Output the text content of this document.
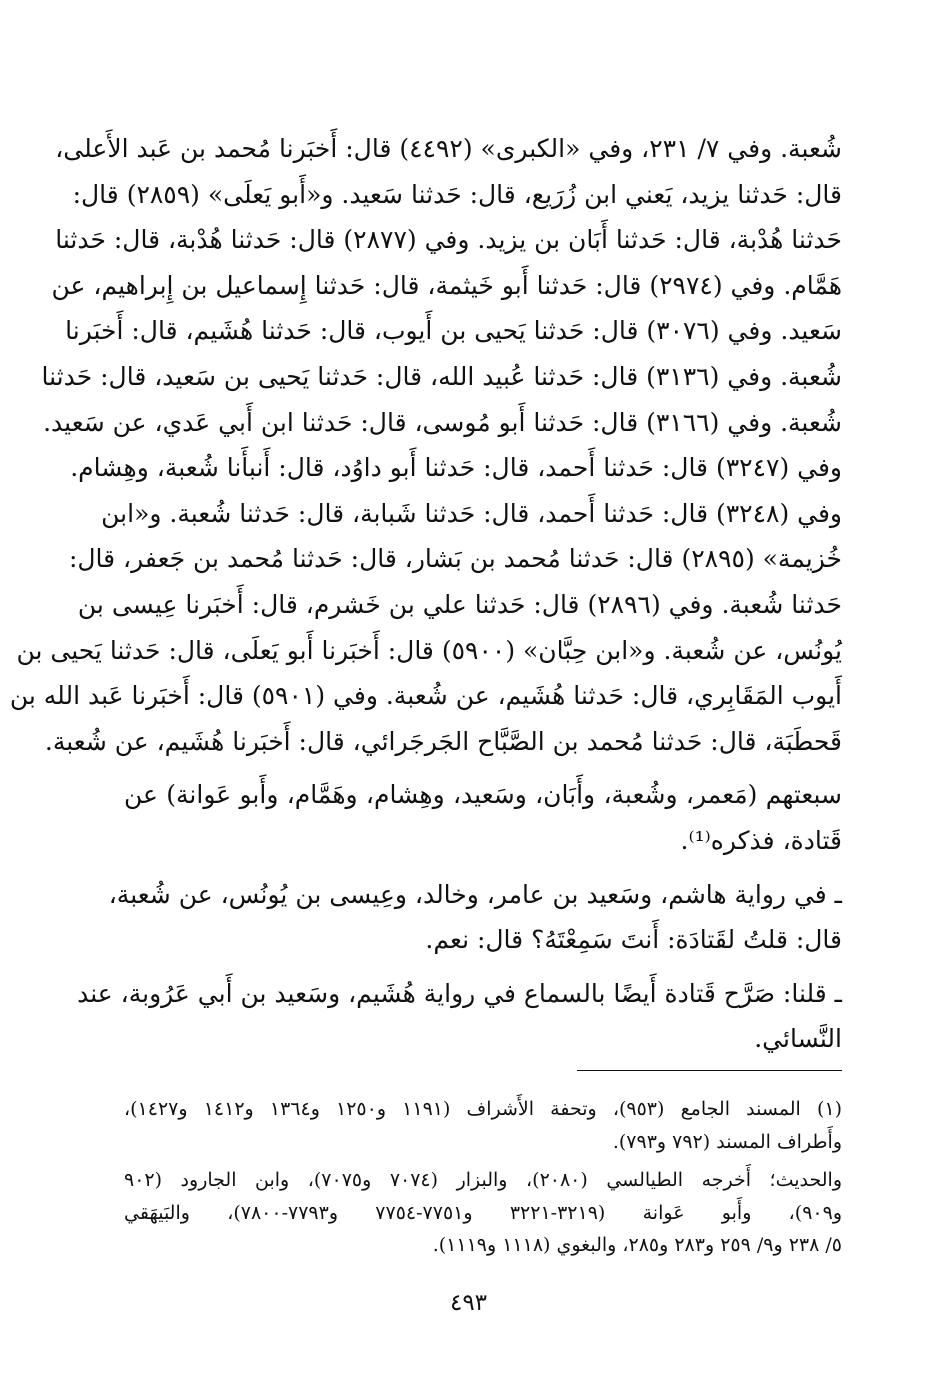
شُعبة. وفي ٧/ ٢٣١، وفي «الكبرى» (٤٤٩٢) قال: أَخبَرنا مُحمد بن عَبد الأَعلى،
قال: حَدثنا يزيد، يَعني ابن زُرَيع، قال: حَدثنا سَعيد. و«أَبو يَعلَى» (٢٨٥٩) قال:
حَدثنا هُدْبة، قال: حَدثنا أَبَان بن يزيد. وفي (٢٨٧٧) قال: حَدثنا هُدْبة، قال: حَدثنا
هَمَّام. وفي (٢٩٧٤) قال: حَدثنا أَبو خَيثمة، قال: حَدثنا إِسماعيل بن إِبراهيم، عن
سَعيد. وفي (٣٠٧٦) قال: حَدثنا يَحيى بن أَيوب، قال: حَدثنا هُشَيم، قال: أَخبَرنا
شُعبة. وفي (٣١٣٦) قال: حَدثنا عُبيد الله، قال: حَدثنا يَحيى بن سَعيد، قال: حَدثنا
شُعبة. وفي (٣١٦٦) قال: حَدثنا أَبو مُوسى، قال: حَدثنا ابن أَبي عَدي، عن سَعيد.
وفي (٣٢٤٧) قال: حَدثنا أَحمد، قال: حَدثنا أَبو داوُد، قال: أَنبأَنا شُعبة، وهِشام.
وفي (٣٢٤٨) قال: حَدثنا أَحمد، قال: حَدثنا شَبابة، قال: حَدثنا شُعبة. و«ابن
خُزيمة» (٢٨٩٥) قال: حَدثنا مُحمد بن بَشار، قال: حَدثنا مُحمد بن جَعفر، قال:
حَدثنا شُعبة. وفي (٢٨٩٦) قال: حَدثنا علي بن خَشرم، قال: أَخبَرنا عِيسى بن
يُونُس، عن شُعبة. و«ابن حِبَّان» (٥٩٠٠) قال: أَخبَرنا أَبو يَعلَى، قال: حَدثنا يَحيى بن
أَيوب المَقَابِري، قال: حَدثنا هُشَيم، عن شُعبة. وفي (٥٩٠١) قال: أَخبَرنا عَبد الله بن
قَحطَبَة، قال: حَدثنا مُحمد بن الصَّبَّاح الجَرجَرائي، قال: أَخبَرنا هُشَيم، عن شُعبة.
سبعتهم (مَعمر، وشُعبة، وأَبَان، وسَعيد، وهِشام، وهَمَّام، وأَبو عَوانة) عن
قَتادة، فذكره⁽¹⁾.
ـ في رواية هاشم، وسَعيد بن عامر، وخالد، وعِيسى بن يُونُس، عن شُعبة،
قال: قلتُ لقَتادَة: أَنتَ سَمِعْتَهُ؟ قال: نعم.
ـ قلنا: صَرَّح قَتادة أَيضًا بالسماع في رواية هُشَيم، وسَعيد بن أَبي عَرُوبة، عند
النَّسائي.
(١) المسند الجامع (٩٥٣)، وتحفة الأَشراف (١١٩١ و١٢٥٠ و١٣٦٤ و١٤١٢ و١٤٢٧)،
وأَطراف المسند (٧٩٢ و٧٩٣).
والحديث؛ أَخرجه الطيالسي (٢٠٨٠)، والبزار (٧٠٧٤ و٧٠٧٥)، وابن الجارود (٩٠٢
و٩٠٩)، وأَبو عَوانة (٣٢١٩-٣٢٢١ و٧٧٥١-٧٧٥٤ و٧٧٩٣-٧٨٠٠)، والبَيهَقي
٥/ ٢٣٨ و٩/ ٢٥٩ و٢٨٣ و٢٨٥، والبغوي (١١١٨ و١١١٩).
٤٩٣
